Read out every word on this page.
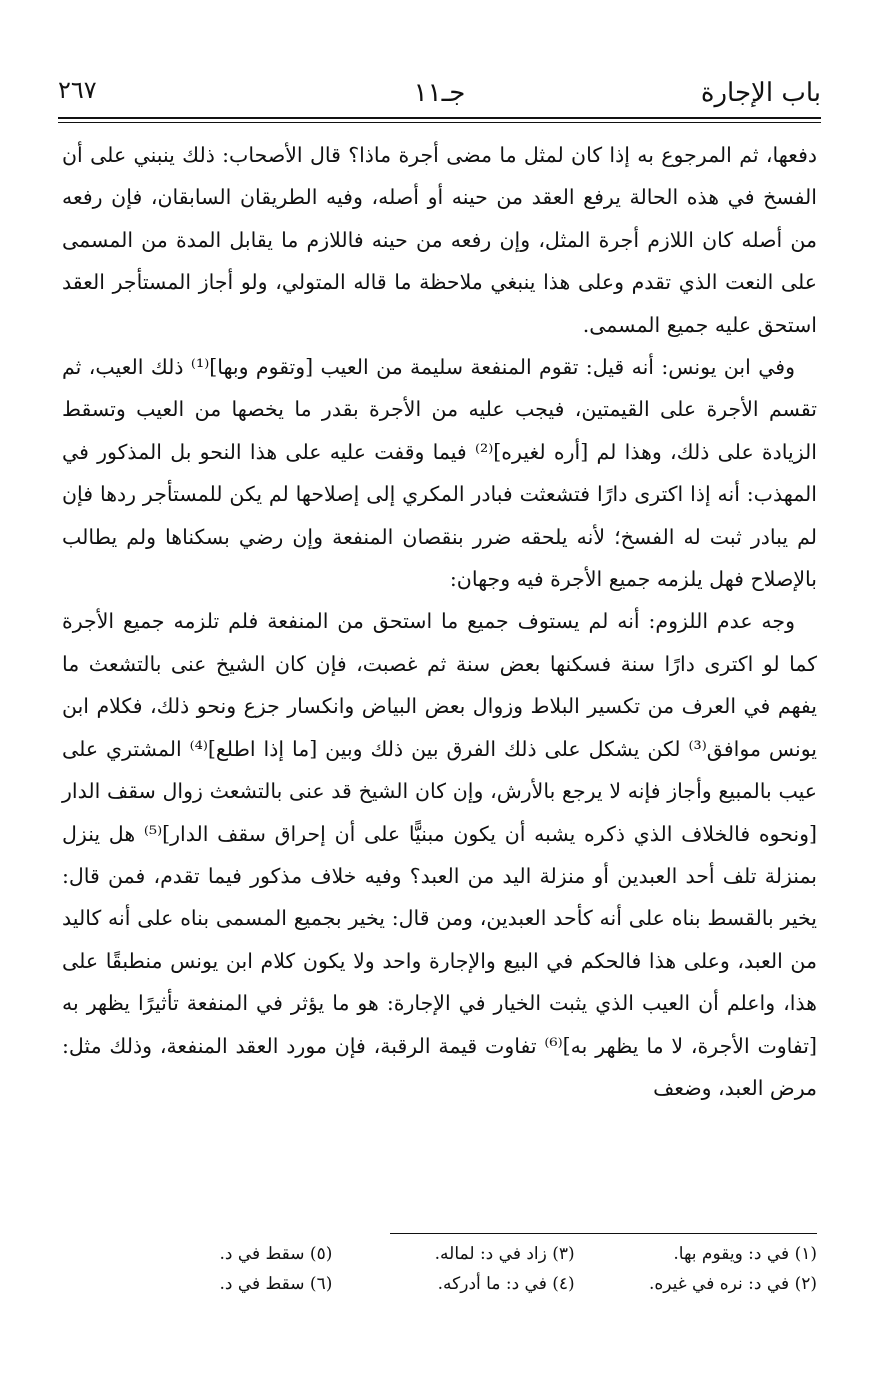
باب الإجارة
جـ١١
٢٦٧

دفعها، ثم المرجوع به إذا كان لمثل ما مضى أجرة ماذا؟ قال الأصحاب: ذلك ينبني على أن الفسخ في هذه الحالة يرفع العقد من حينه أو أصله، وفيه الطريقان السابقان، فإن رفعه من أصله كان اللازم أجرة المثل، وإن رفعه من حينه فاللازم ما يقابل المدة من المسمى على النعت الذي تقدم وعلى هذا ينبغي ملاحظة ما قاله المتولي، ولو أجاز المستأجر العقد استحق عليه جميع المسمى.

وفي ابن يونس: أنه قيل: تقوم المنفعة سليمة من العيب [وتقوم وبها]⁽¹⁾ ذلك العيب، ثم تقسم الأجرة على القيمتين، فيجب عليه من الأجرة بقدر ما يخصها من العيب وتسقط الزيادة على ذلك، وهذا لم [أره لغيره]⁽²⁾ فيما وقفت عليه على هذا النحو بل المذكور في المهذب: أنه إذا اكترى دارًا فتشعثت فبادر المكري إلى إصلاحها لم يكن للمستأجر ردها فإن لم يبادر ثبت له الفسخ؛ لأنه يلحقه ضرر بنقصان المنفعة وإن رضي بسكناها ولم يطالب بالإصلاح فهل يلزمه جميع الأجرة فيه وجهان:

وجه عدم اللزوم: أنه لم يستوف جميع ما استحق من المنفعة فلم تلزمه جميع الأجرة كما لو اكترى دارًا سنة فسكنها بعض سنة ثم غصبت، فإن كان الشيخ عنى بالتشعث ما يفهم في العرف من تكسير البلاط وزوال بعض البياض وانكسار جزع ونحو ذلك، فكلام ابن يونس موافق⁽³⁾ لكن يشكل على ذلك الفرق بين ذلك وبين [ما إذا اطلع]⁽⁴⁾ المشتري على عيب بالمبيع وأجاز فإنه لا يرجع بالأرش، وإن كان الشيخ قد عنى بالتشعث زوال سقف الدار [ونحوه فالخلاف الذي ذكره يشبه أن يكون مبنيًّا على أن إحراق سقف الدار]⁽⁵⁾ هل ينزل بمنزلة تلف أحد العبدين أو منزلة اليد من العبد؟ وفيه خلاف مذكور فيما تقدم، فمن قال: يخير بالقسط بناه على أنه كأحد العبدين، ومن قال: يخير بجميع المسمى بناه على أنه كاليد من العبد، وعلى هذا فالحكم في البيع والإجارة واحد ولا يكون كلام ابن يونس منطبقًا على هذا، واعلم أن العيب الذي يثبت الخيار في الإجارة: هو ما يؤثر في المنفعة تأثيرًا يظهر به [تفاوت الأجرة، لا ما يظهر به]⁽⁶⁾ تفاوت قيمة الرقبة، فإن مورد العقد المنفعة، وذلك مثل: مرض العبد، وضعف

(١) في د: ويقوم بها.
(٣) زاد في د: لماله.
(٥) سقط في د.
(٢) في د: نره في غيره.
(٤) في د: ما أدركه.
(٦) سقط في د.
